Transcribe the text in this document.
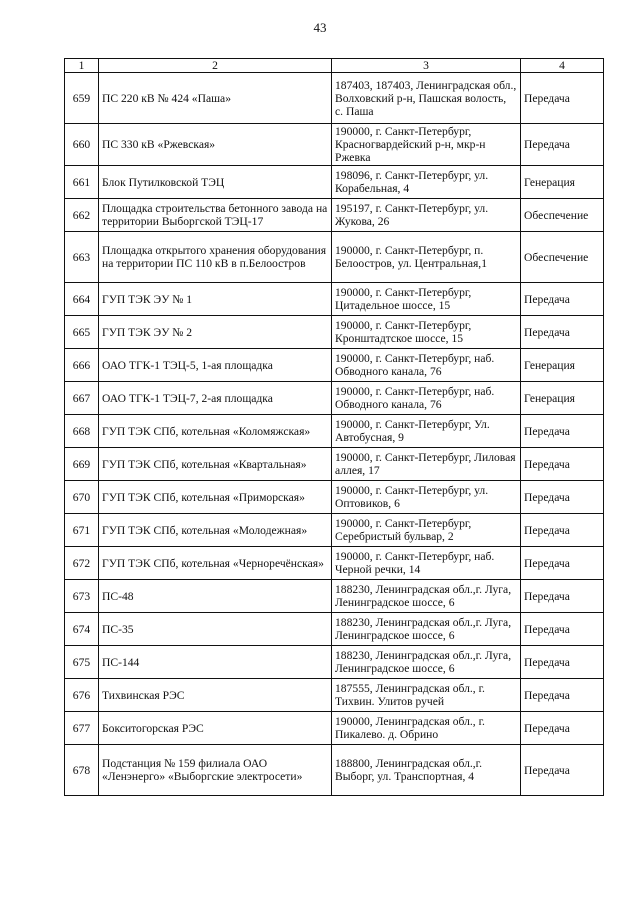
43
1	2	3	4
659	ПС 220 кВ № 424 «Паша»	187403, 187403, Ленинградская обл., Волховский р-н, Пашская волость, с. Паша	Передача
660	ПС 330 кВ «Ржевская»	190000, г. Санкт-Петербург, Красногвардейский р-н, мкр-н Ржевка	Передача
661	Блок Путилковской ТЭЦ	198096, г. Санкт-Петербург, ул. Корабельная, 4	Генерация
662	Площадка строительства бетонного завода на территории Выборгской ТЭЦ-17	195197, г. Санкт-Петербург, ул. Жукова, 26	Обеспечение
663	Площадка открытого хранения оборудования на территории ПС 110 кВ в п.Белоостров	190000, г. Санкт-Петербург, п. Белоостров, ул. Центральная,1	Обеспечение
664	ГУП ТЭК ЭУ № 1	190000, г. Санкт-Петербург, Цитадельное шоссе, 15	Передача
665	ГУП ТЭК ЭУ № 2	190000, г. Санкт-Петербург, Кронштадтское шоссе, 15	Передача
666	ОАО ТГК-1 ТЭЦ-5, 1-ая площадка	190000, г. Санкт-Петербург, наб. Обводного канала, 76	Генерация
667	ОАО ТГК-1 ТЭЦ-7, 2-ая площадка	190000, г. Санкт-Петербург, наб. Обводного канала, 76	Генерация
668	ГУП ТЭК СПб, котельная «Коломяжская»	190000, г. Санкт-Петербург, Ул. Автобусная, 9	Передача
669	ГУП ТЭК СПб, котельная «Квартальная»	190000, г. Санкт-Петербург, Лиловая аллея, 17	Передача
670	ГУП ТЭК СПб, котельная «Приморская»	190000, г. Санкт-Петербург, ул. Оптовиков, 6	Передача
671	ГУП ТЭК СПб, котельная «Молодежная»	190000, г. Санкт-Петербург, Серебристый бульвар, 2	Передача
672	ГУП ТЭК СПб, котельная «Черноречёнская»	190000, г. Санкт-Петербург, наб. Черной речки, 14	Передача
673	ПС-48	188230, Ленинградская обл.,г. Луга, Ленинградское шоссе, 6	Передача
674	ПС-35	188230, Ленинградская обл.,г. Луга, Ленинградское шоссе, 6	Передача
675	ПС-144	188230, Ленинградская обл.,г. Луга, Ленинградское шоссе, 6	Передача
676	Тихвинская РЭС	187555, Ленинградская обл., г. Тихвин. Улитов ручей	Передача
677	Бокситогорская РЭС	190000, Ленинградская обл., г. Пикалево. д. Обрино	Передача
678	Подстанция № 159 филиала ОАО «Ленэнерго» «Выборгские электросети»	188800, Ленинградская обл.,г. Выборг, ул. Транспортная, 4	Передача
